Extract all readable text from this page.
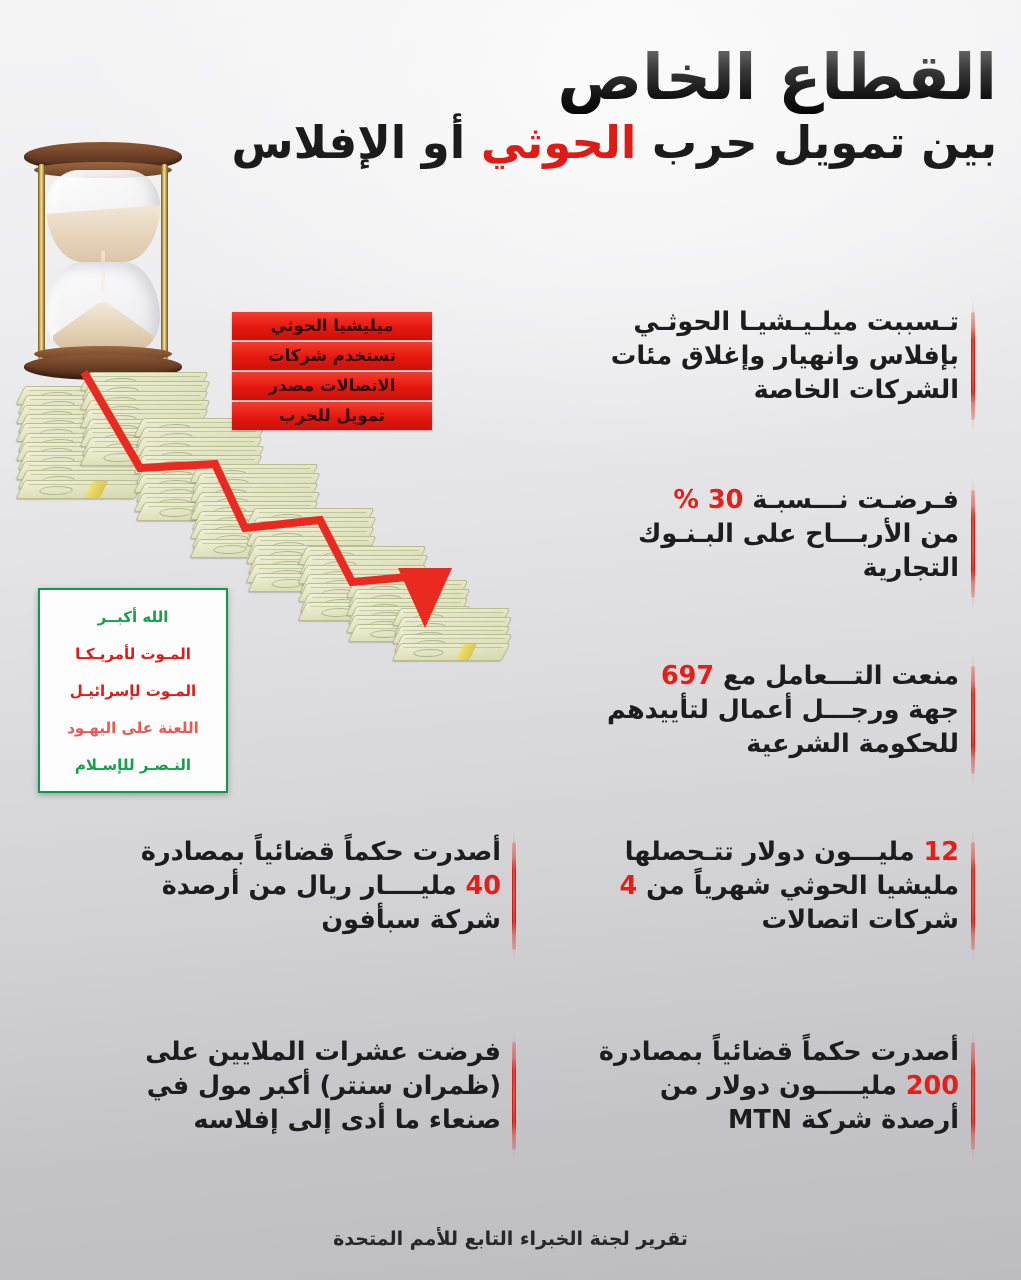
القطاع الخاص
بين تمويل حرب الحوثي أو الإفلاس
ميليشيا الحوثي
تستخدم شركات
الاتصالات مصدر
تمويل للحرب
الله أكبــر
المـوت لأمريـكـا
المـوت لإسرائيـل
اللعنة على اليهـود
النـصـر للإسـلام
تـسببت ميلـيـشيـا الحوثـي
بإفلاس وانهيار وإغلاق مئات
الشركات الخاصة
فـرضـت نـــسبـة 30 %
من الأربـــاح على البـنـوك
التجارية
منعت التـــعامل مع 697
جهة ورجـــل أعمال لتأييدهم
للحكومة الشرعية
12 مليـــون دولار تتـحصلها
مليشيا الحوثي شهرياً من 4
شركات اتصالات
أصدرت حكماً قضائياً بمصادرة
40 مليــــار ريال من أرصدة
شركة سبأفون
أصدرت حكماً قضائياً بمصادرة
200 مليـــــون دولار من
أرصدة شركة MTN
فرضت عشرات الملايين على
(ظمران سنتر) أكبر مول في
صنعاء ما أدى إلى إفلاسه
تقرير لجنة الخبراء التابع للأمم المتحدة
